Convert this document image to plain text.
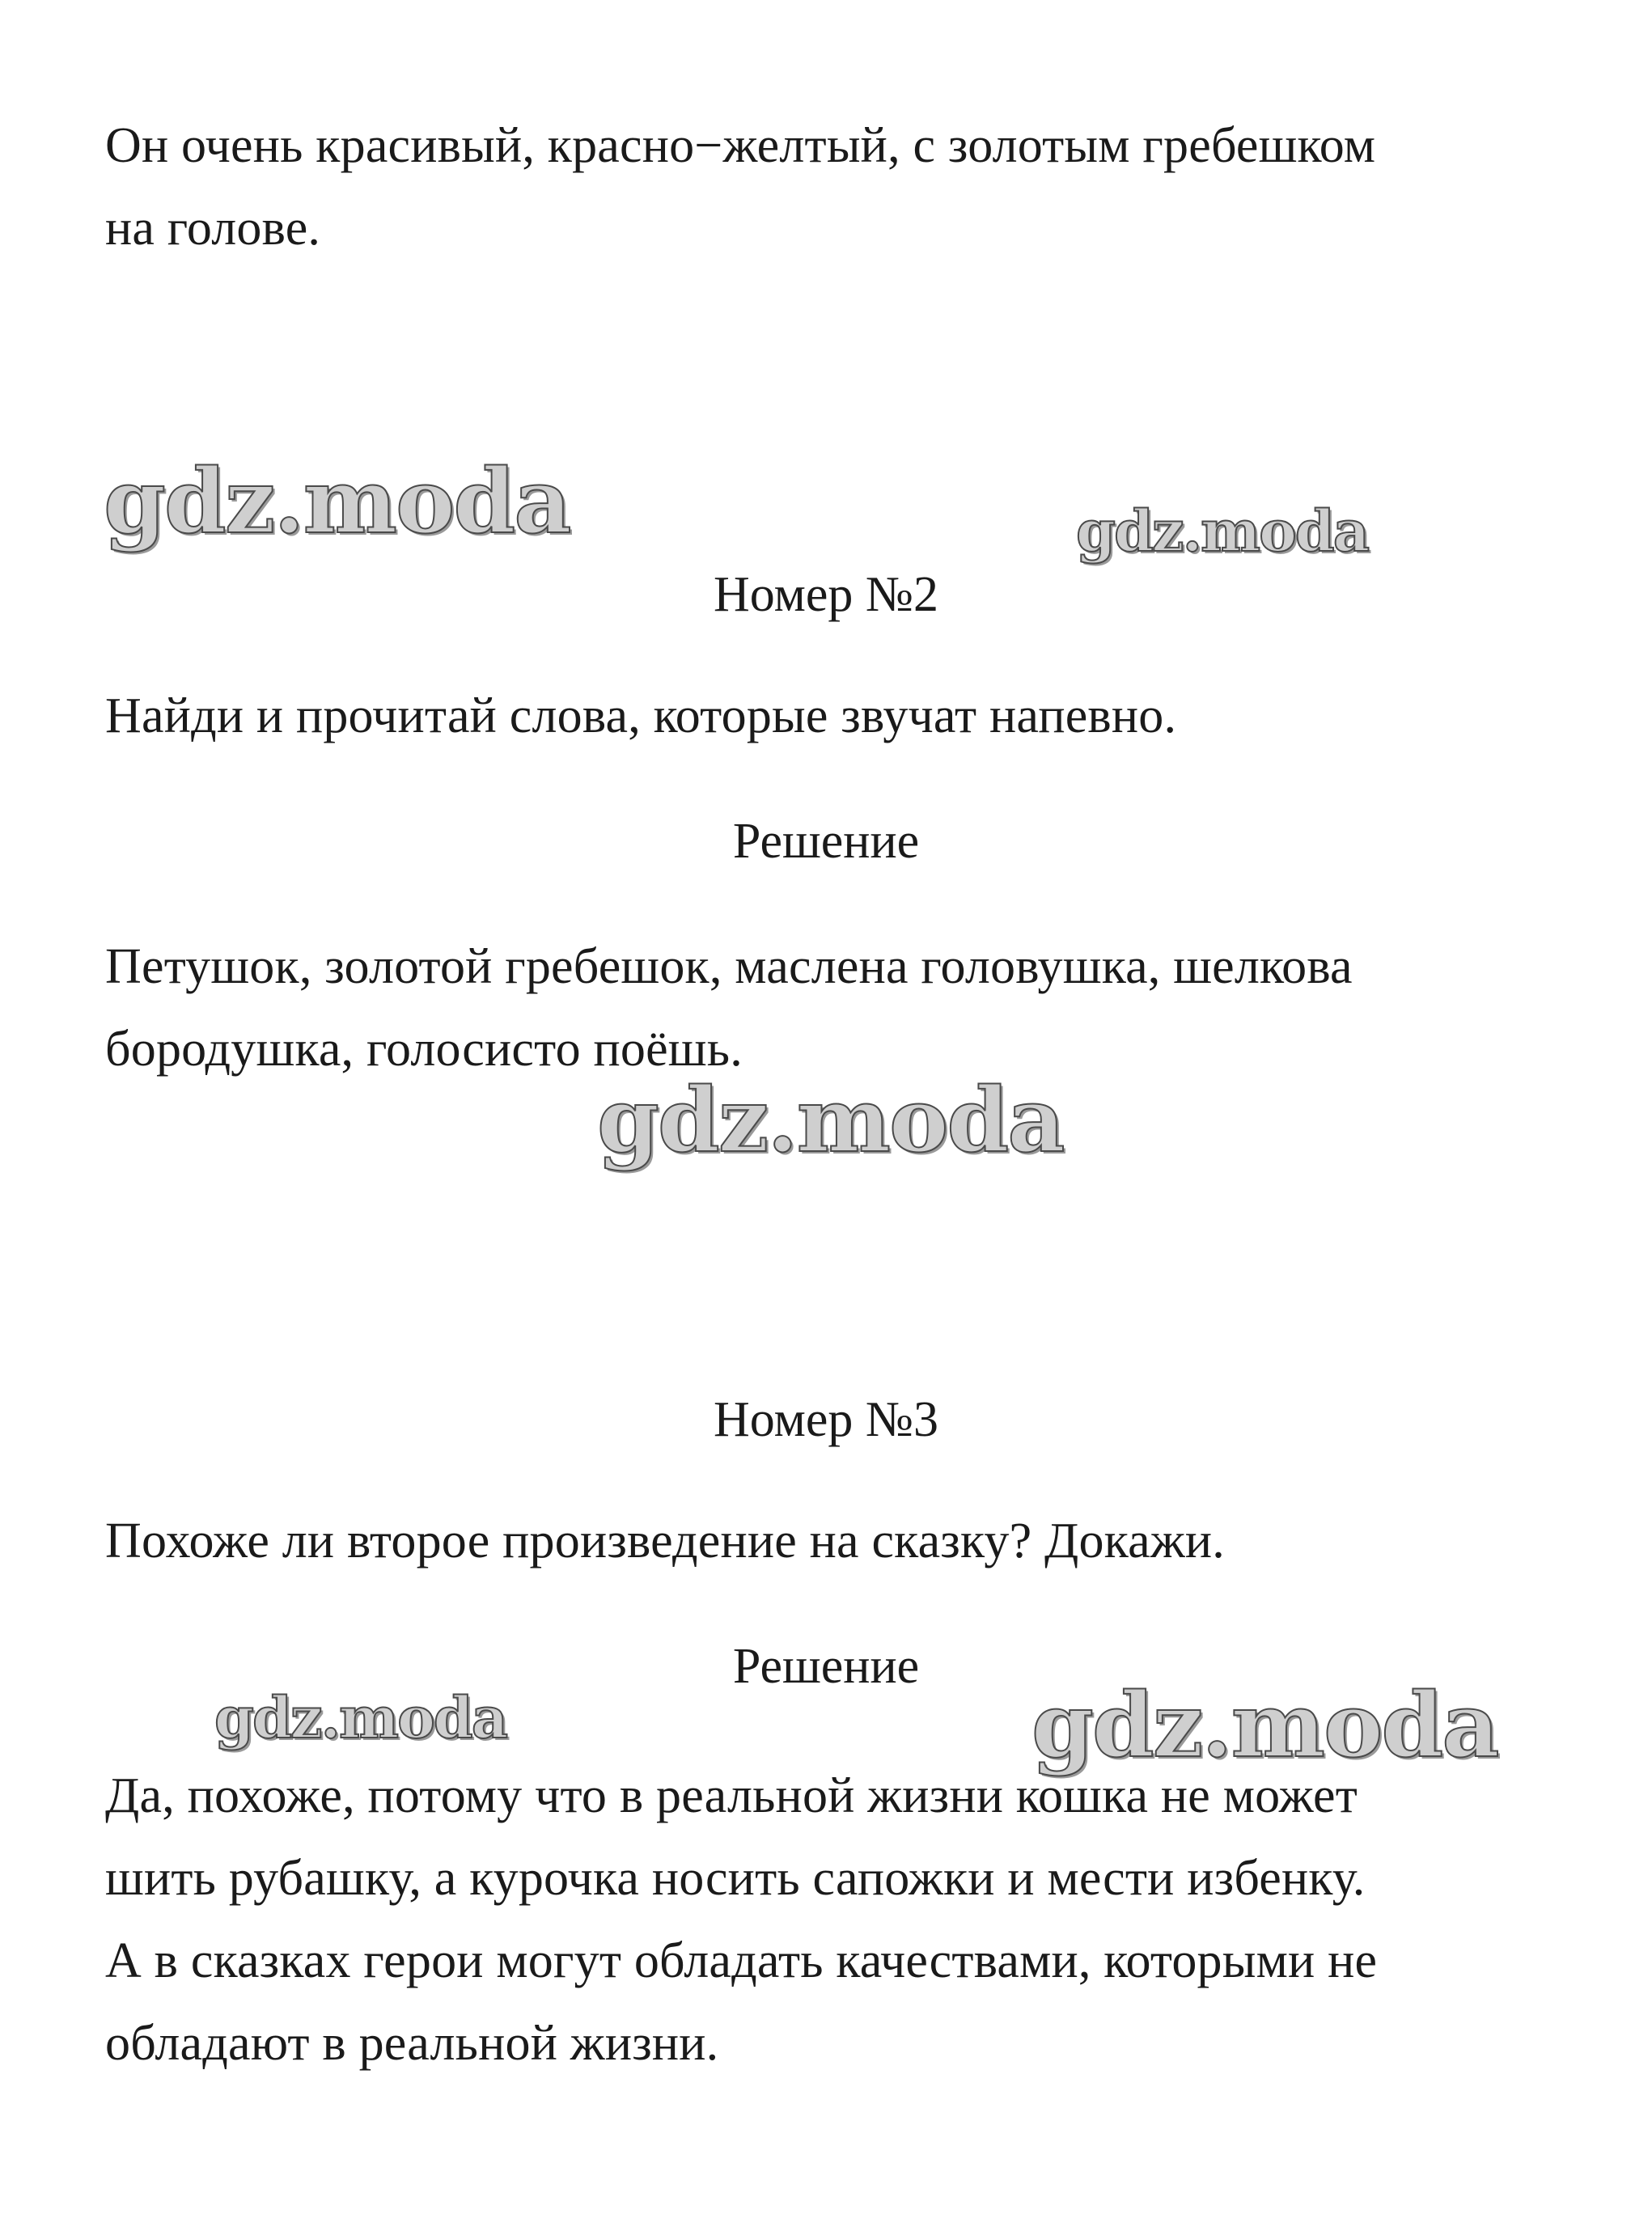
gdz.moda	gdz.moda
gdz.moda
gdz.moda	gdz.moda
Он очень красивый, красно−желтый, с золотым гребешком
на голове.
Номер №2
Найди и прочитай слова, которые звучат напевно.
Решение
Петушок, золотой гребешок, маслена головушка, шелкова
бородушка, голосисто поёшь.
Номер №3
Похоже ли второе произведение на сказку? Докажи.
Решение
Да, похоже, потому что в реальной жизни кошка не может
шить рубашку, а курочка носить сапожки и мести избенку.
А в сказках герои могут обладать качествами, которыми не
обладают в реальной жизни.
